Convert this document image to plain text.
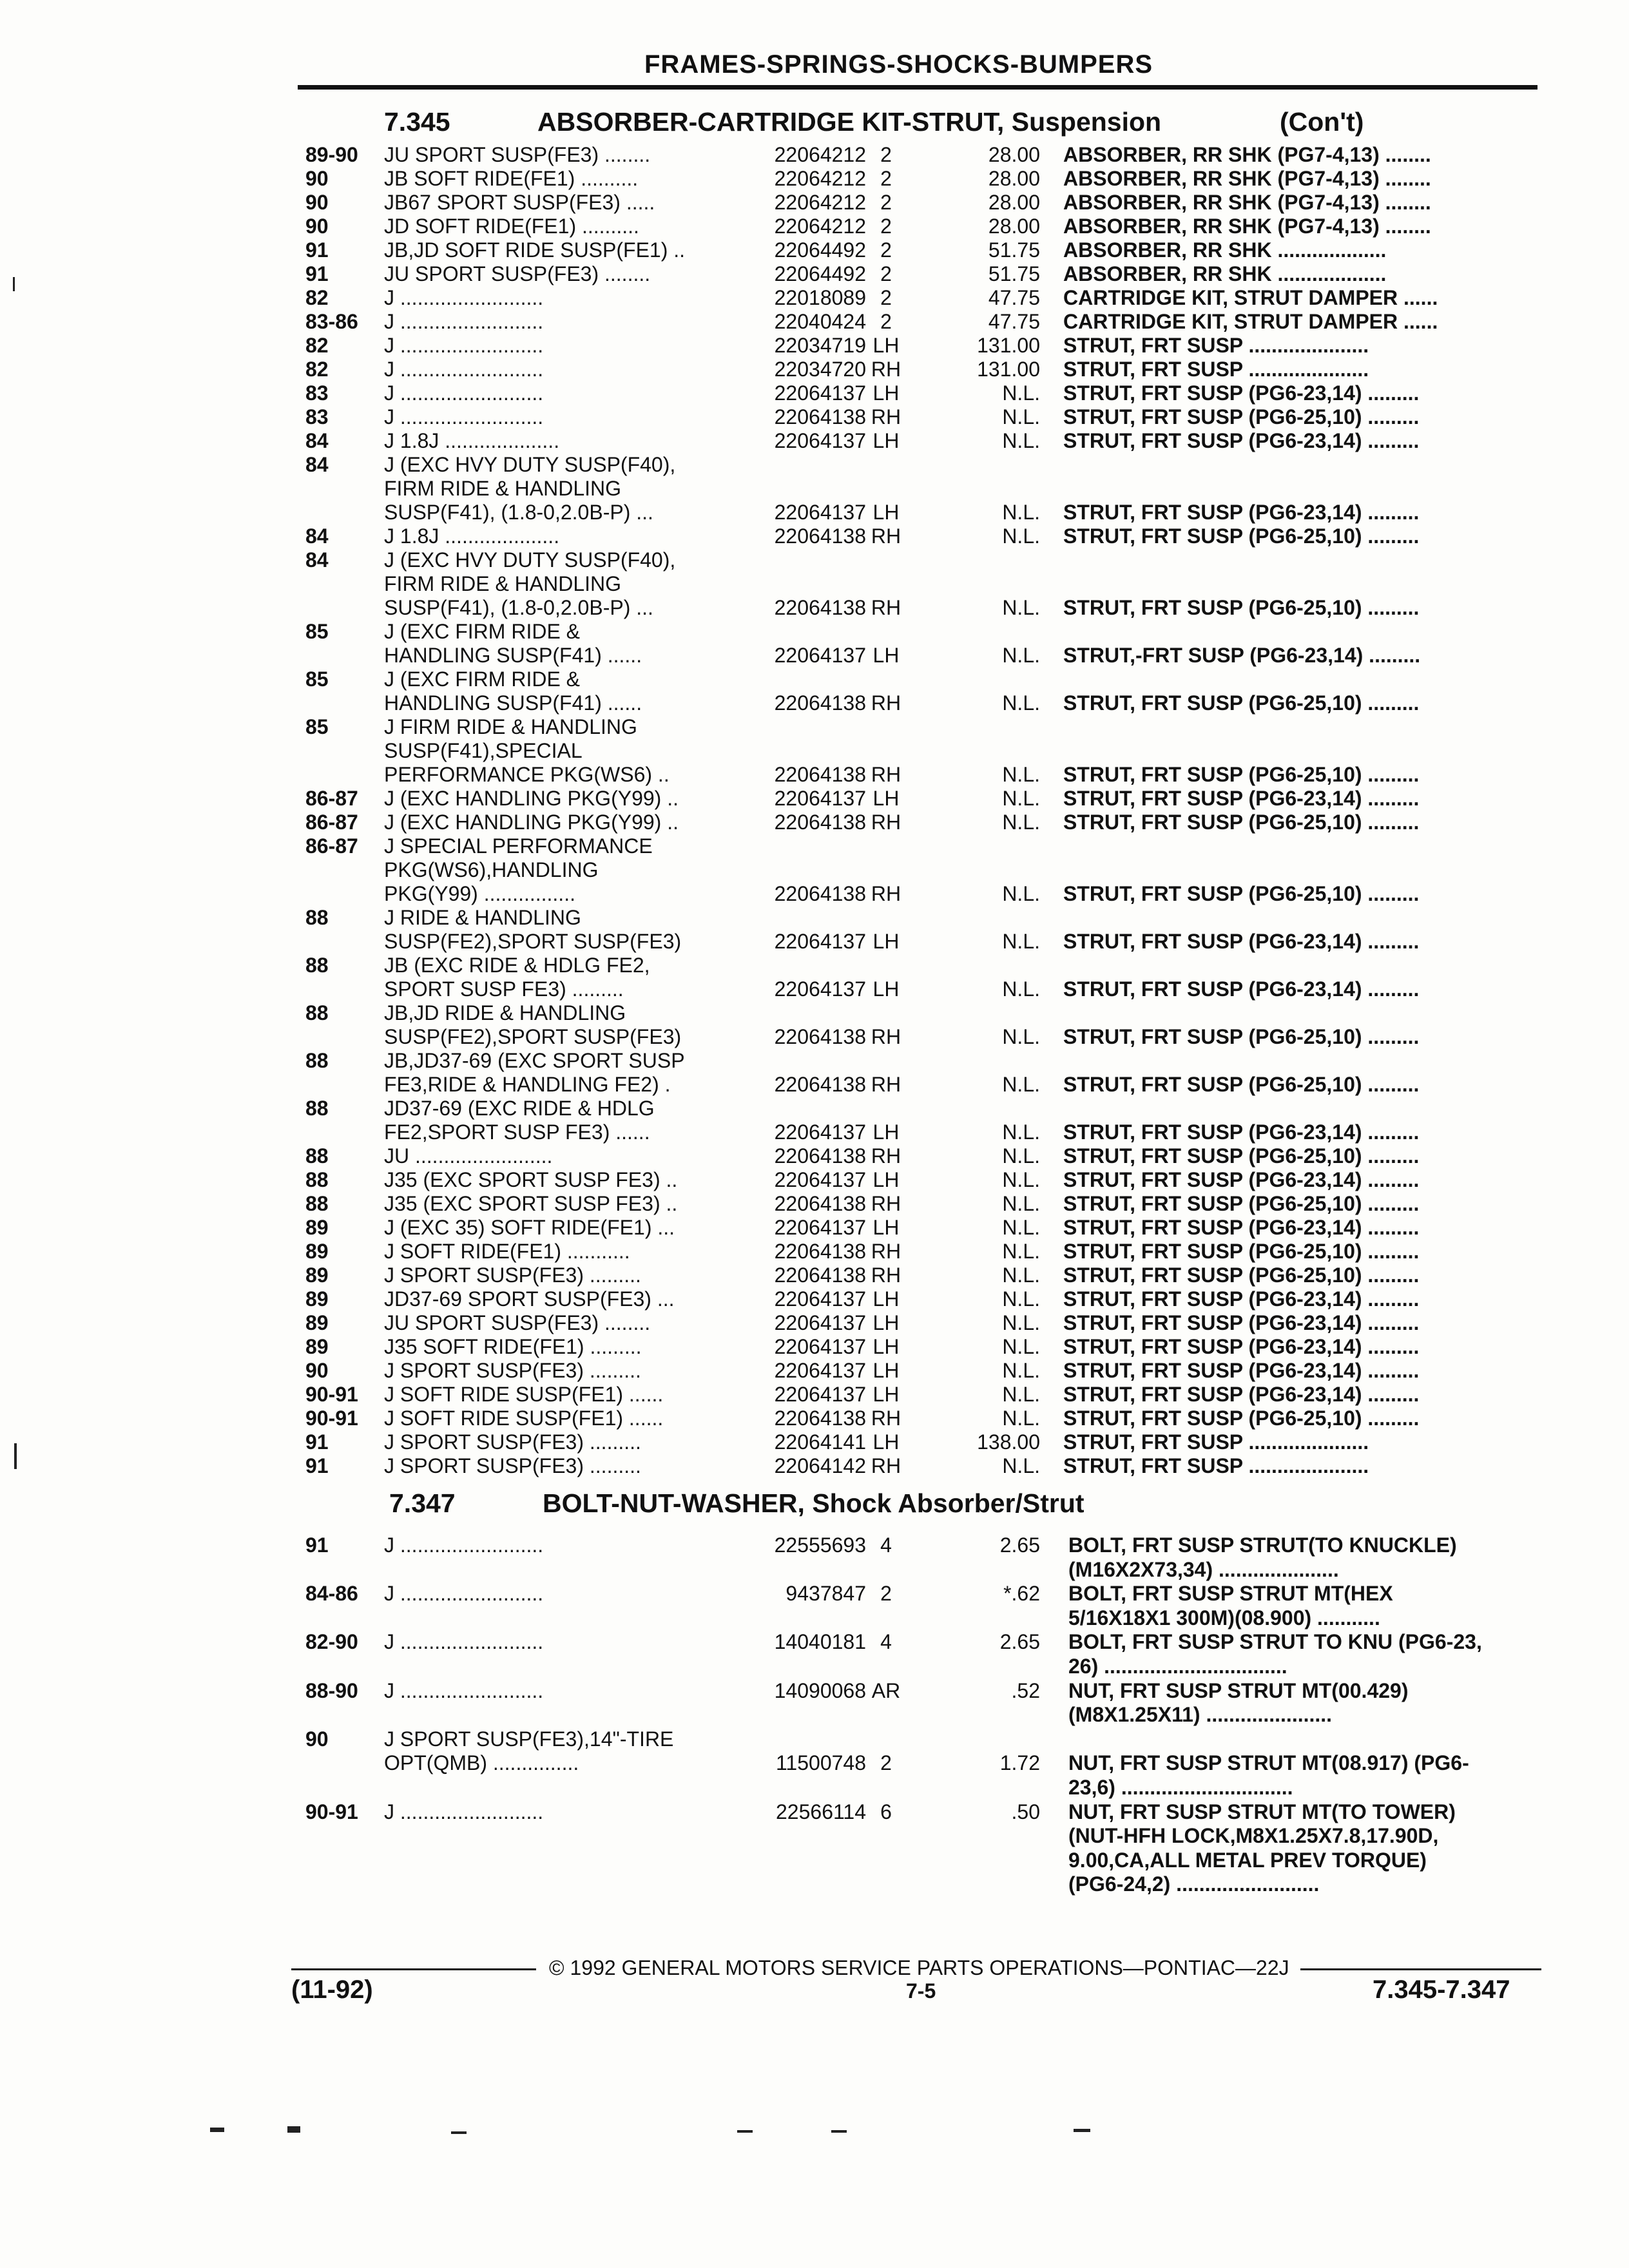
FRAMES-SPRINGS-SHOCKS-BUMPERS
7.345	ABSORBER-CARTRIDGE KIT-STRUT, Suspension	(Con't)
89-90 JU SPORT SUSP(FE3) ........	22064212 2	28.00 ABSORBER, RR SHK (PG7-4,13) ........
90	JB SOFT RIDE(FE1) ..........	22064212 2	28.00 ABSORBER, RR SHK (PG7-4,13) ........
90	JB67 SPORT SUSP(FE3) .....	22064212 2	28.00 ABSORBER, RR SHK (PG7-4,13) ........
90	JD SOFT RIDE(FE1) ..........	22064212 2	28.00 ABSORBER, RR SHK (PG7-4,13) ........
91	JB,JD SOFT RIDE SUSP(FE1) ..	22064492 2	51.75 ABSORBER, RR SHK ...................
91	JU SPORT SUSP(FE3) ........	22064492 2	51.75 ABSORBER, RR SHK ...................
82	J .........................	22018089 2	47.75 CARTRIDGE KIT, STRUT DAMPER ......
83-86 J .........................	22040424 2	47.75 CARTRIDGE KIT, STRUT DAMPER ......
82	J .........................	22034719 LH	131.00 STRUT, FRT SUSP .....................
82	J .........................	22034720 RH	131.00 STRUT, FRT SUSP .....................
83	J .........................	22064137 LH	N.L. STRUT, FRT SUSP (PG6-23,14) .........
83	J .........................	22064138 RH	N.L. STRUT, FRT SUSP (PG6-25,10) .........
84	J 1.8J ....................	22064137 LH	N.L. STRUT, FRT SUSP (PG6-23,14) .........
84	J (EXC HVY DUTY SUSP(F40),
FIRM RIDE & HANDLING
SUSP(F41), (1.8-0,2.0B-P) ...	22064137 LH	N.L. STRUT, FRT SUSP (PG6-23,14) .........
84	J 1.8J ....................	22064138 RH	N.L. STRUT, FRT SUSP (PG6-25,10) .........
84	J (EXC HVY DUTY SUSP(F40),
FIRM RIDE & HANDLING
SUSP(F41), (1.8-0,2.0B-P) ...	22064138 RH	N.L. STRUT, FRT SUSP (PG6-25,10) .........
85	J (EXC FIRM RIDE &
HANDLING SUSP(F41) ......	22064137 LH	N.L. STRUT,-FRT SUSP (PG6-23,14) .........
85	J (EXC FIRM RIDE &
HANDLING SUSP(F41) ......	22064138 RH	N.L. STRUT, FRT SUSP (PG6-25,10) .........
85	J FIRM RIDE & HANDLING
SUSP(F41),SPECIAL
PERFORMANCE PKG(WS6) ..	22064138 RH	N.L. STRUT, FRT SUSP (PG6-25,10) .........
86-87 J (EXC HANDLING PKG(Y99) ..	22064137 LH	N.L. STRUT, FRT SUSP (PG6-23,14) .........
86-87 J (EXC HANDLING PKG(Y99) ..	22064138 RH	N.L. STRUT, FRT SUSP (PG6-25,10) .........
86-87 J SPECIAL PERFORMANCE
PKG(WS6),HANDLING
PKG(Y99) ................	22064138 RH	N.L. STRUT, FRT SUSP (PG6-25,10) .........
88	J RIDE & HANDLING
SUSP(FE2),SPORT SUSP(FE3)	22064137 LH	N.L. STRUT, FRT SUSP (PG6-23,14) .........
88	JB (EXC RIDE & HDLG FE2,
SPORT SUSP FE3) .........	22064137 LH	N.L. STRUT, FRT SUSP (PG6-23,14) .........
88	JB,JD RIDE & HANDLING
SUSP(FE2),SPORT SUSP(FE3)	22064138 RH	N.L. STRUT, FRT SUSP (PG6-25,10) .........
88	JB,JD37-69 (EXC SPORT SUSP
FE3,RIDE & HANDLING FE2) .	22064138 RH	N.L. STRUT, FRT SUSP (PG6-25,10) .........
88	JD37-69 (EXC RIDE & HDLG
FE2,SPORT SUSP FE3) ......	22064137 LH	N.L. STRUT, FRT SUSP (PG6-23,14) .........
88	JU ........................	22064138 RH	N.L. STRUT, FRT SUSP (PG6-25,10) .........
88	J35 (EXC SPORT SUSP FE3) ..	22064137 LH	N.L. STRUT, FRT SUSP (PG6-23,14) .........
88	J35 (EXC SPORT SUSP FE3) ..	22064138 RH	N.L. STRUT, FRT SUSP (PG6-25,10) .........
89	J (EXC 35) SOFT RIDE(FE1) ...	22064137 LH	N.L. STRUT, FRT SUSP (PG6-23,14) .........
89	J SOFT RIDE(FE1) ...........	22064138 RH	N.L. STRUT, FRT SUSP (PG6-25,10) .........
89	J SPORT SUSP(FE3) .........	22064138 RH	N.L. STRUT, FRT SUSP (PG6-25,10) .........
89	JD37-69 SPORT SUSP(FE3) ...	22064137 LH	N.L. STRUT, FRT SUSP (PG6-23,14) .........
89	JU SPORT SUSP(FE3) ........	22064137 LH	N.L. STRUT, FRT SUSP (PG6-23,14) .........
89	J35 SOFT RIDE(FE1) .........	22064137 LH	N.L. STRUT, FRT SUSP (PG6-23,14) .........
90	J SPORT SUSP(FE3) .........	22064137 LH	N.L. STRUT, FRT SUSP (PG6-23,14) .........
90-91 J SOFT RIDE SUSP(FE1) ......	22064137 LH	N.L. STRUT, FRT SUSP (PG6-23,14) .........
90-91 J SOFT RIDE SUSP(FE1) ......	22064138 RH	N.L. STRUT, FRT SUSP (PG6-25,10) .........
91	J SPORT SUSP(FE3) .........	22064141 LH	138.00 STRUT, FRT SUSP .....................
91	J SPORT SUSP(FE3) .........	22064142 RH	N.L. STRUT, FRT SUSP .....................
7.347	BOLT-NUT-WASHER, Shock Absorber/Strut
91	J .........................	22555693 4	2.65 BOLT, FRT SUSP STRUT(TO KNUCKLE)
(M16X2X73,34) .....................
84-86 J .........................	9437847 2	*.62 BOLT, FRT SUSP STRUT MT(HEX
5/16X18X1 300M)(08.900) ...........
82-90 J .........................	14040181 4	2.65 BOLT, FRT SUSP STRUT TO KNU (PG6-23,
26) ................................
88-90 J .........................	14090068 AR	.52 NUT, FRT SUSP STRUT MT(00.429)
(M8X1.25X11) ......................
90	J SPORT SUSP(FE3),14"-TIRE
OPT(QMB) ...............	11500748 2	1.72 NUT, FRT SUSP STRUT MT(08.917) (PG6-
23,6) ..............................
90-91 J .........................	22566114 6	.50 NUT, FRT SUSP STRUT MT(TO TOWER)
(NUT-HFH LOCK,M8X1.25X7.8,17.90D,
9.00,CA,ALL METAL PREV TORQUE)
(PG6-24,2) .........................
© 1992 GENERAL MOTORS SERVICE PARTS OPERATIONS—PONTIAC—22J
(11-92)	7-5	7.345-7.347
